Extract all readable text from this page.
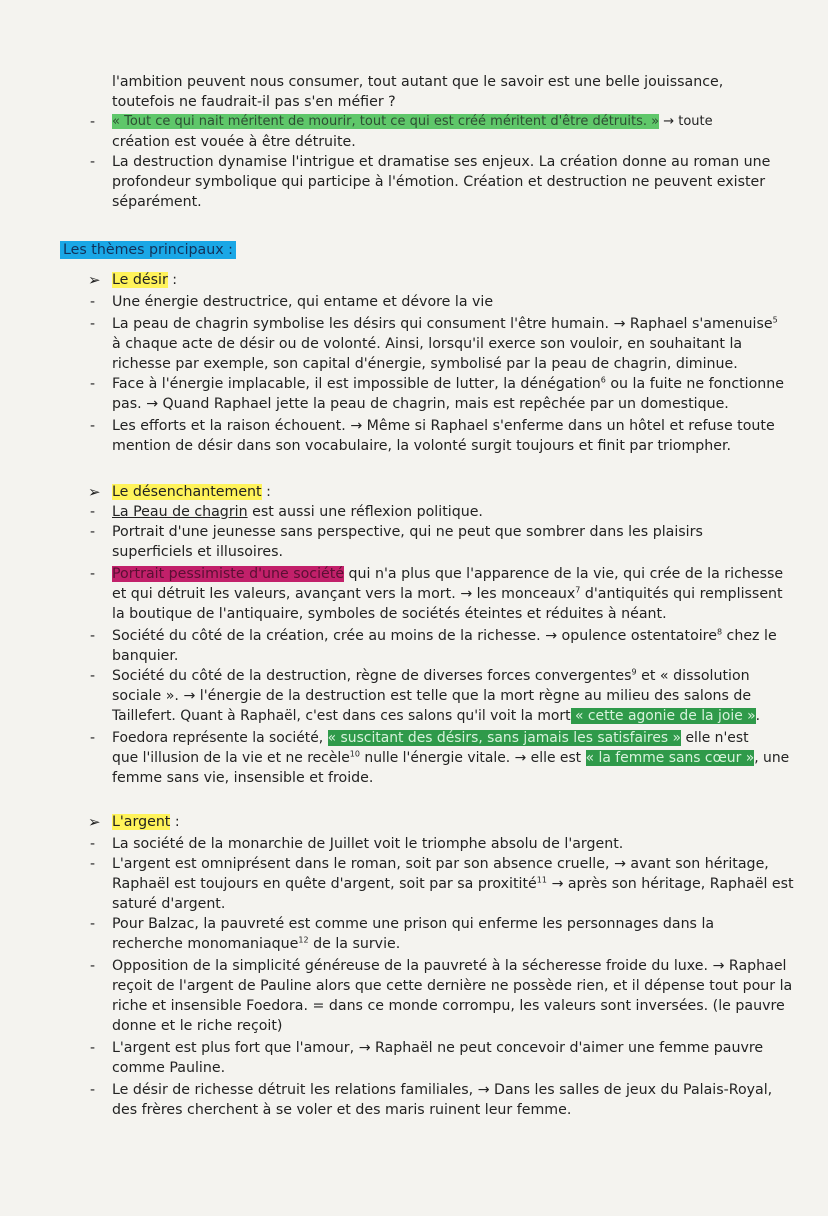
l'ambition peuvent nous consumer, tout autant que le savoir est une belle jouissance,
toutefois ne faudrait-il pas s'en méfier ?
- « Tout ce qui nait méritent de mourir, tout ce qui est créé méritent d'être détruits. » → toute
création est vouée à être détruite.
- La destruction dynamise l'intrigue et dramatise ses enjeux. La création donne au roman une
profondeur symbolique qui participe à l'émotion. Création et destruction ne peuvent exister
séparément.
Les thèmes principaux :
➢ Le désir :
- Une énergie destructrice, qui entame et dévore la vie
- La peau de chagrin symbolise les désirs qui consument l'être humain. → Raphael s'amenuise$^5$
à chaque acte de désir ou de volonté. Ainsi, lorsqu'il exerce son vouloir, en souhaitant la
richesse par exemple, son capital d'énergie, symbolisé par la peau de chagrin, diminue.
- Face à l'énergie implacable, il est impossible de lutter, la dénégation$^6$ ou la fuite ne fonctionne
pas. → Quand Raphael jette la peau de chagrin, mais est repêchée par un domestique.
- Les efforts et la raison échouent. → Même si Raphael s'enferme dans un hôtel et refuse toute
mention de désir dans son vocabulaire, la volonté surgit toujours et finit par triompher.
➢ Le désenchantement :
- La Peau de chagrin est aussi une réflexion politique.
- Portrait d'une jeunesse sans perspective, qui ne peut que sombrer dans les plaisirs
superficiels et illusoires.
- Portrait pessimiste d'une société qui n'a plus que l'apparence de la vie, qui crée de la richesse
et qui détruit les valeurs, avançant vers la mort. → les monceaux$^7$ d'antiquités qui remplissent
la boutique de l'antiquaire, symboles de sociétés éteintes et réduites à néant.
- Société du côté de la création, crée au moins de la richesse. → opulence ostentatoire$^8$ chez le
banquier.
- Société du côté de la destruction, règne de diverses forces convergentes$^9$ et « dissolution
sociale ». → l'énergie de la destruction est telle que la mort règne au milieu des salons de
Taillefert. Quant à Raphaël, c'est dans ces salons qu'il voit la mort « cette agonie de la joie ».
- Foedora représente la société, « suscitant des désirs, sans jamais les satisfaires » elle n'est
que l'illusion de la vie et ne recèle$^{10}$ nulle l'énergie vitale. → elle est « la femme sans cœur », une
femme sans vie, insensible et froide.
➢ L'argent :
- La société de la monarchie de Juillet voit le triomphe absolu de l'argent.
- L'argent est omniprésent dans le roman, soit par son absence cruelle, → avant son héritage,
Raphaël est toujours en quête d'argent, soit par sa proxitité$^{11}$ → après son héritage, Raphaël est
saturé d'argent.
- Pour Balzac, la pauvreté est comme une prison qui enferme les personnages dans la
recherche monomaniaque$^{12}$ de la survie.
- Opposition de la simplicité généreuse de la pauvreté à la sécheresse froide du luxe. → Raphael
reçoit de l'argent de Pauline alors que cette dernière ne possède rien, et il dépense tout pour la
riche et insensible Foedora. = dans ce monde corrompu, les valeurs sont inversées. (le pauvre
donne et le riche reçoit)
- L'argent est plus fort que l'amour, → Raphaël ne peut concevoir d'aimer une femme pauvre
comme Pauline.
- Le désir de richesse détruit les relations familiales, → Dans les salles de jeux du Palais-Royal,
des frères cherchent à se voler et des maris ruinent leur femme.
